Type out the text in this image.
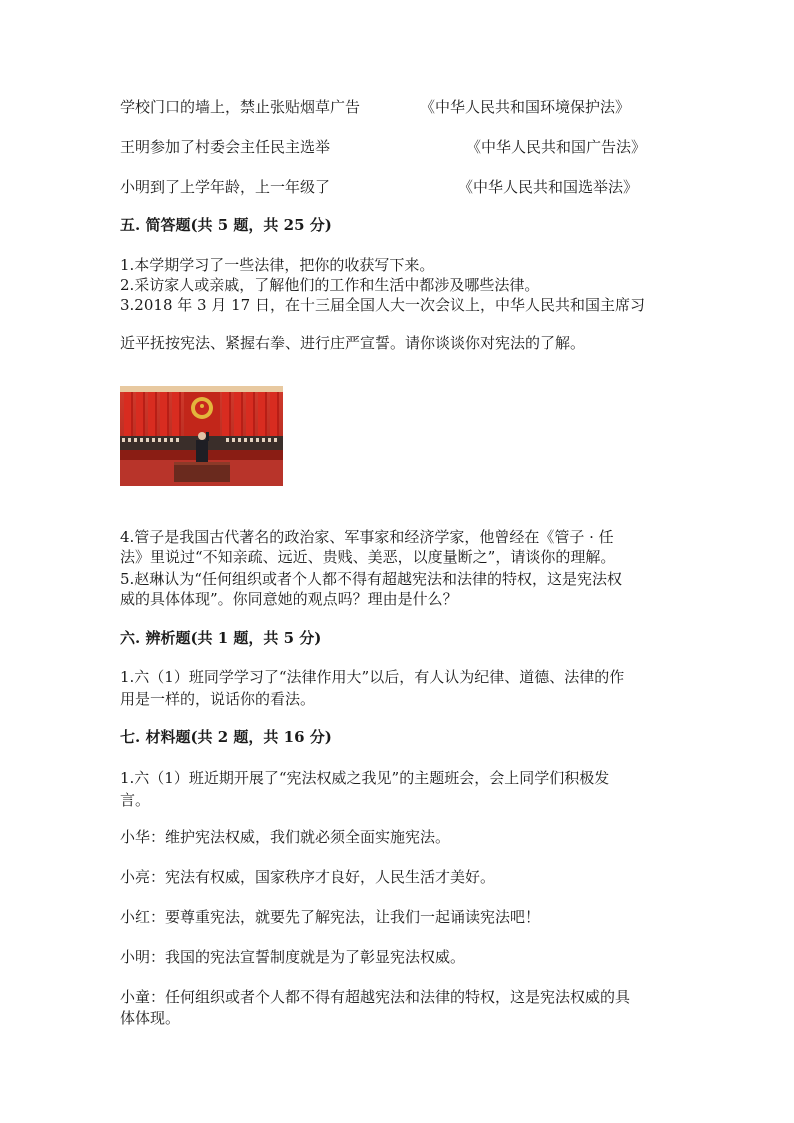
学校门口的墙上，禁止张贴烟草广告	《中华人民共和国环境保护法》
王明参加了村委会主任民主选举	《中华人民共和国广告法》
小明到了上学年龄，上一年级了	《中华人民共和国选举法》
五. 简答题(共 5 题，共 25 分)
1.本学期学习了一些法律，把你的收获写下来。
2.采访家人或亲戚，了解他们的工作和生活中都涉及哪些法律。
3.2018 年 3 月 17 日，在十三届全国人大一次会议上，中华人民共和国主席习
近平抚按宪法、紧握右拳、进行庄严宣誓。请你谈谈你对宪法的了解。
4.管子是我国古代著名的政治家、军事家和经济学家，他曾经在《管子 · 任
法》里说过“不知亲疏、远近、贵贱、美恶，以度量断之”，请谈你的理解。
5.赵琳认为“任何组织或者个人都不得有超越宪法和法律的特权，这是宪法权
威的具体体现”。你同意她的观点吗？理由是什么？
六. 辨析题(共 1 题，共 5 分)
1.六（1）班同学学习了“法律作用大”以后，有人认为纪律、道德、法律的作
用是一样的，说话你的看法。
七. 材料题(共 2 题，共 16 分)
1.六（1）班近期开展了“宪法权威之我见”的主题班会，会上同学们积极发
言。
小华：维护宪法权威，我们就必须全面实施宪法。
小亮：宪法有权威，国家秩序才良好，人民生活才美好。
小红：要尊重宪法，就要先了解宪法，让我们一起诵读宪法吧！
小明：我国的宪法宣誓制度就是为了彰显宪法权威。
小童：任何组织或者个人都不得有超越宪法和法律的特权，这是宪法权威的具
体体现。
